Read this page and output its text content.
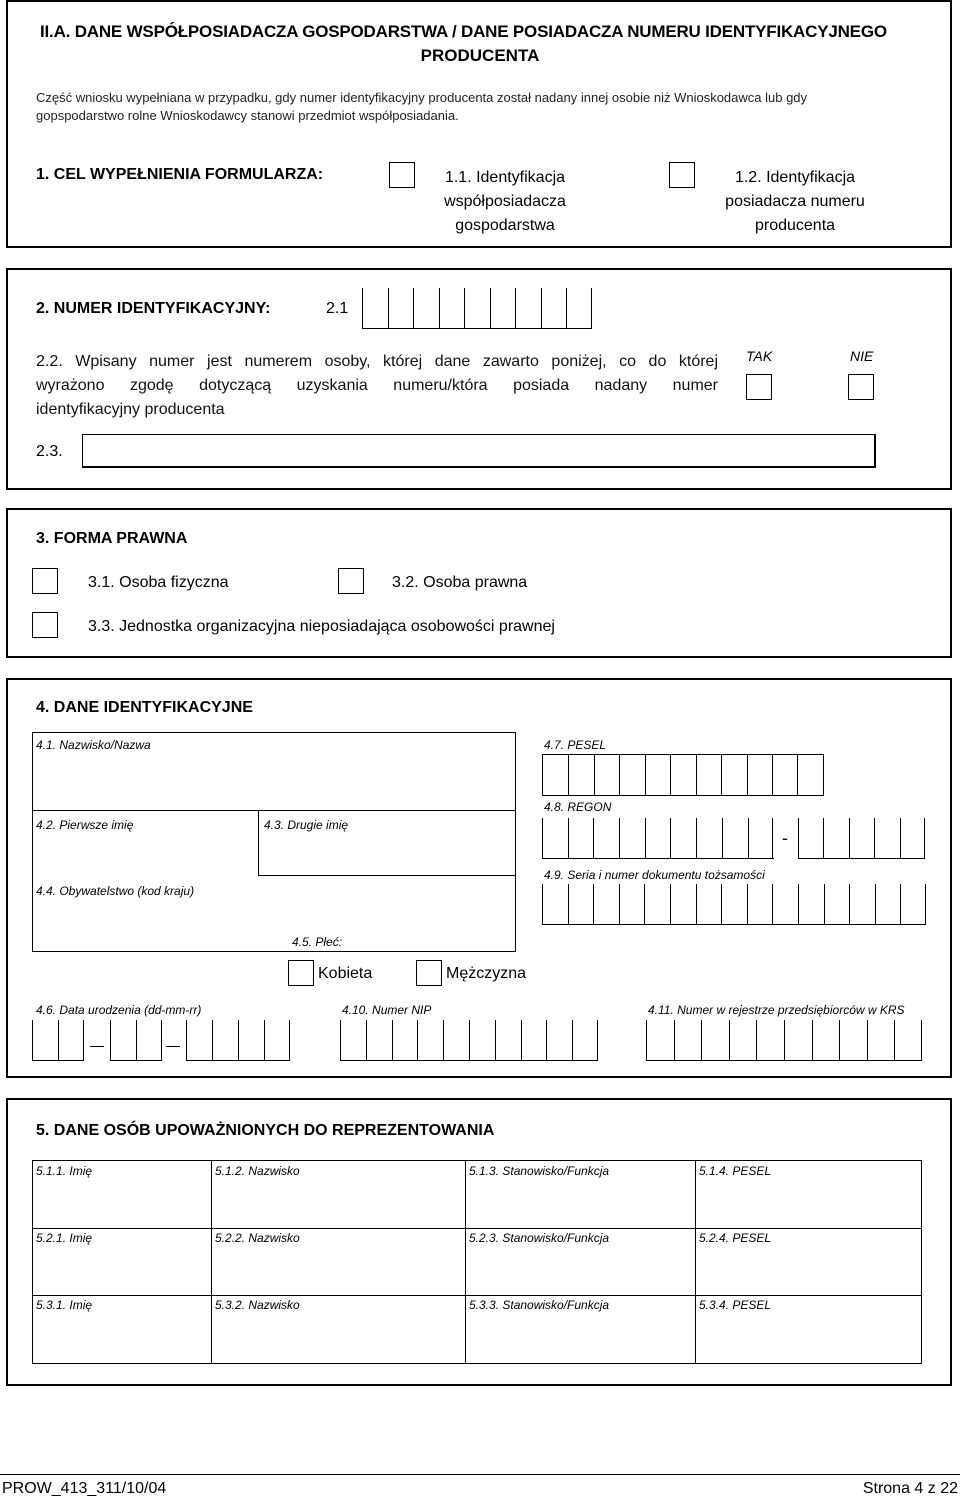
II.A. DANE WSPÓŁPOSIADACZA GOSPODARSTWA / DANE POSIADACZA NUMERU IDENTYFIKACYJNEGO
PRODUCENTA
Część wniosku wypełniana w przypadku, gdy numer identyfikacyjny producenta został nadany innej osobie niż Wnioskodawca lub gdy
gopspodarstwo rolne Wnioskodawcy stanowi przedmiot współposiadania.
1. CEL WYPEŁNIENIA FORMULARZA:	1.1. Identyfikacja
współposiadacza
gospodarstwa
1.2. Identyfikacja
posiadacza numeru
producenta
2. NUMER IDENTYFIKACYJNY:	2.1
2.2. Wpisany numer jest numerem osoby, której dane zawarto poniżej, co do której
wyrażono zgodę dotyczącą uzyskania numeru/która posiada nadany numer
identyfikacyjny producenta
TAK	NIE
2.3.
3. FORMA PRAWNA
3.1. Osoba fizyczna	3.2. Osoba prawna
3.3. Jednostka organizacyjna nieposiadająca osobowości prawnej
4. DANE IDENTYFIKACYJNE
4.1. Nazwisko/Nazwa
4.2. Pierwsze imię	4.3. Drugie imię
4.4. Obywatelstwo (kod kraju)
4.7. PESEL
4.8. REGON
-
4.9. Seria i numer dokumentu tożsamości
4.5. Płeć:
Kobieta	Mężczyzna
4.6. Data urodzenia (dd-mm-rr)	4.10. Numer NIP	4.11. Numer w rejestrze przedsiębiorców w KRS
5. DANE OSÓB UPOWAŻNIONYCH DO REPREZENTOWANIA
5.1.1. Imię	5.1.2. Nazwisko	5.1.3. Stanowisko/Funkcja	5.1.4. PESEL
5.2.1. Imię	5.2.2. Nazwisko	5.2.3. Stanowisko/Funkcja	5.2.4. PESEL
5.3.1. Imię	5.3.2. Nazwisko	5.3.3. Stanowisko/Funkcja	5.3.4. PESEL
PROW_413_311/10/04	Strona 4 z 22
